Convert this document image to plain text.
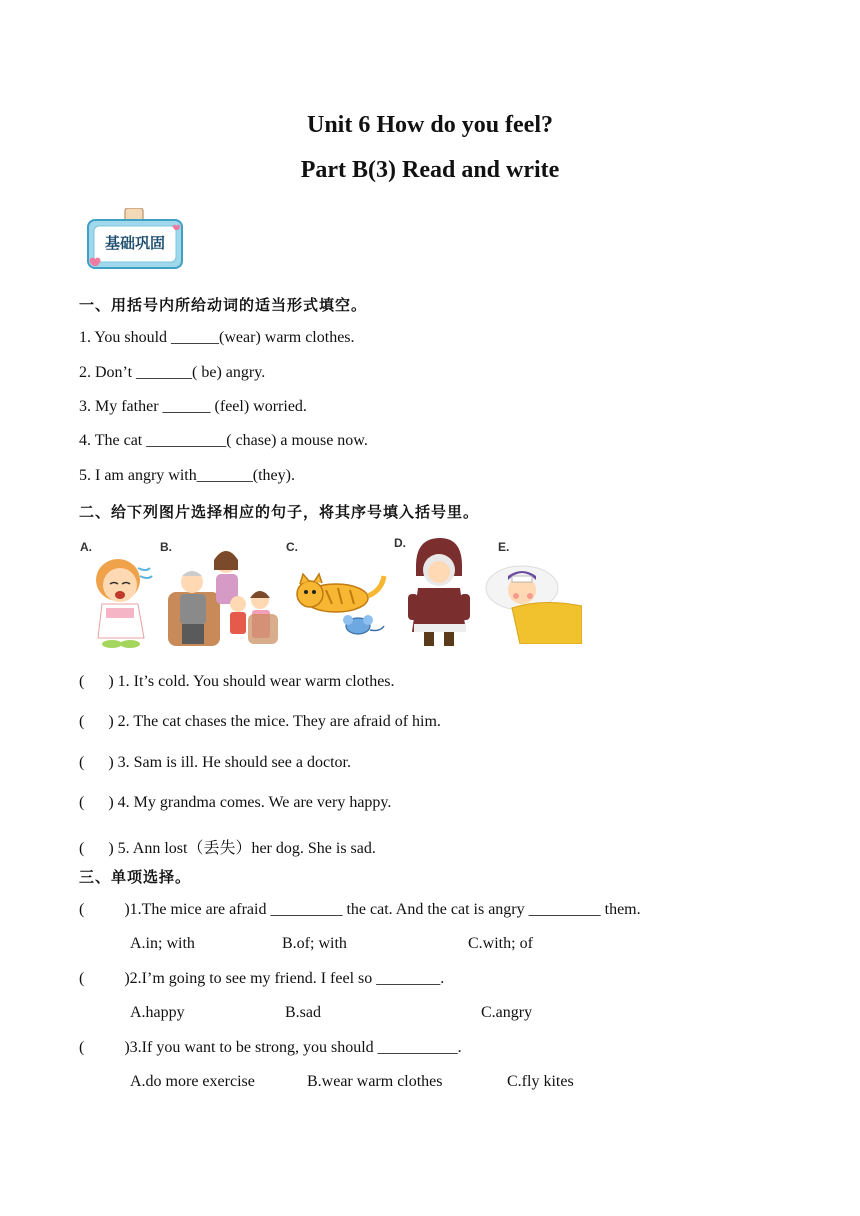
Unit 6 How do you feel?
Part B(3) Read and write
基础巩固
一、用括号内所给动词的适当形式填空。
1. You should ______(wear) warm clothes.
2. Don’t _______( be) angry.
3. My father ______ (feel) worried.
4. The cat __________( chase) a mouse now.
5. I am angry with_______(they).
二、给下列图片选择相应的句子，将其序号填入括号里。
A.	B.	C.	D.	E.
(      ) 1. It’s cold. You should wear warm clothes.
(      ) 2. The cat chases the mice. They are afraid of him.
(      ) 3. Sam is ill. He should see a doctor.
(      ) 4. My grandma comes. We are very happy.
(      ) 5. Ann lost（丢失）her dog. She is sad.
三、单项选择。
(          )1.The mice are afraid _________ the cat. And the cat is angry _________ them.
A.in; with	B.of; with	C.with; of
(          )2.I’m going to see my friend. I feel so ________.
A.happy	B.sad	C.angry
(          )3.If you want to be strong, you should __________.
A.do more exercise	B.wear warm clothes	C.fly kites
